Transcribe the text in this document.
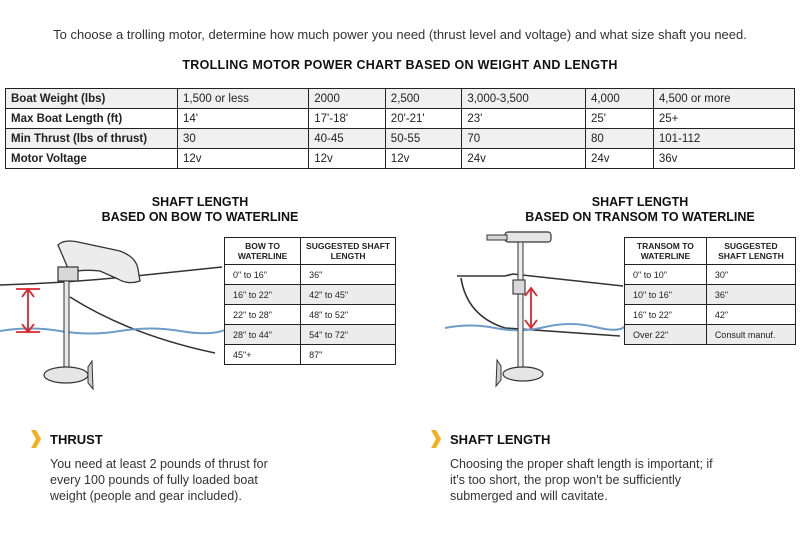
To choose a trolling motor, determine how much power you need (thrust level and voltage) and what size shaft you need.
TROLLING MOTOR POWER CHART BASED ON WEIGHT AND LENGTH
Boat Weight (lbs)	1,500 or less	2000	2,500	3,000-3,500	4,000	4,500 or more
Max Boat Length (ft)	14'	17'-18'	20'-21'	23'	25'	25+
Min Thrust (lbs of thrust)	30	40-45	50-55	70	80	101-112
Motor Voltage	12v	12v	12v	24v	24v	36v
SHAFT LENGTH
BASED ON BOW TO WATERLINE
BOW TO WATERLINE	SUGGESTED SHAFT LENGTH
0" to 16"	36"
16" to 22"	42" to 45"
22" to 28"	48" to 52"
28" to 44"	54" to 72"
45"+	87"
SHAFT LENGTH
BASED ON TRANSOM TO WATERLINE
TRANSOM TO WATERLINE	SUGGESTED SHAFT LENGTH
0" to 10"	30"
10" to 16"	36"
16" to 22"	42"
Over 22"	Consult manuf.
THRUST
You need at least 2 pounds of thrust for every 100 pounds of fully loaded boat weight (people and gear included).
SHAFT LENGTH
Choosing the proper shaft length is important; if it's too short, the prop won't be sufficiently submerged and will cavitate.
